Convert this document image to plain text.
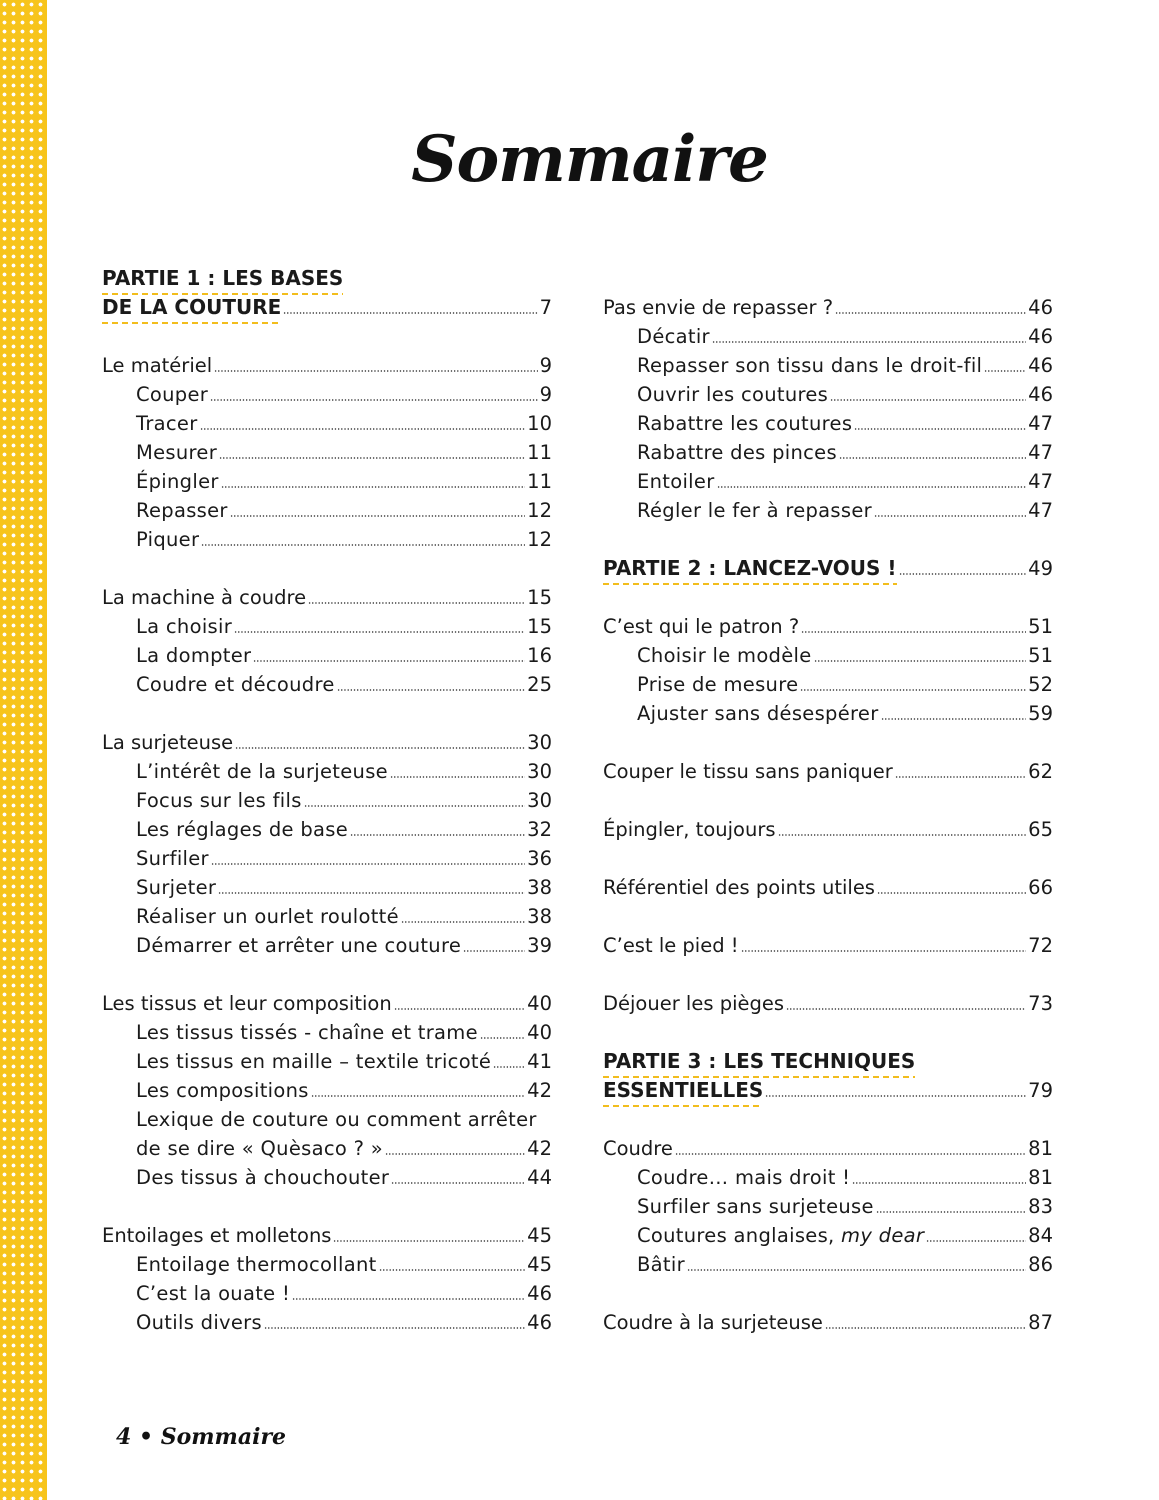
Sommaire
PARTIE 1 : LES BASES
DE LA COUTURE	7
Le matériel	9
Couper	9
Tracer	10
Mesurer	11
Épingler	11
Repasser	12
Piquer	12
La machine à coudre	15
La choisir	15
La dompter	16
Coudre et découdre	25
La surjeteuse	30
L’intérêt de la surjeteuse	30
Focus sur les fils	30
Les réglages de base	32
Surfiler	36
Surjeter	38
Réaliser un ourlet roulotté	38
Démarrer et arrêter une couture	39
Les tissus et leur composition	40
Les tissus tissés - chaîne et trame	40
Les tissus en maille – textile tricoté 41
Les compositions	42
Lexique de couture ou comment arrêter
de se dire « Quèsaco ? »	42
Des tissus à chouchouter	44
Entoilages et molletons	45
Entoilage thermocollant	45
C’est la ouate !	46
Outils divers	46
Pas envie de repasser ?	46
Décatir	46
Repasser son tissu dans le droit-fil 46
Ouvrir les coutures	46
Rabattre les coutures	47
Rabattre des pinces	47
Entoiler	47
Régler le fer à repasser	47
PARTIE 2 : LANCEZ-VOUS !	49
C’est qui le patron ?	51
Choisir le modèle	51
Prise de mesure	52
Ajuster sans désespérer	59
Couper le tissu sans paniquer	62
Épingler, toujours	65
Référentiel des points utiles	66
C’est le pied !	72
Déjouer les pièges	73
PARTIE 3 : LES TECHNIQUES
ESSENTIELLES	79
Coudre	81
Coudre… mais droit !	81
Surfiler sans surjeteuse	83
Coutures anglaises, my dear	84
Bâtir	86
Coudre à la surjeteuse	87
4 • Sommaire
